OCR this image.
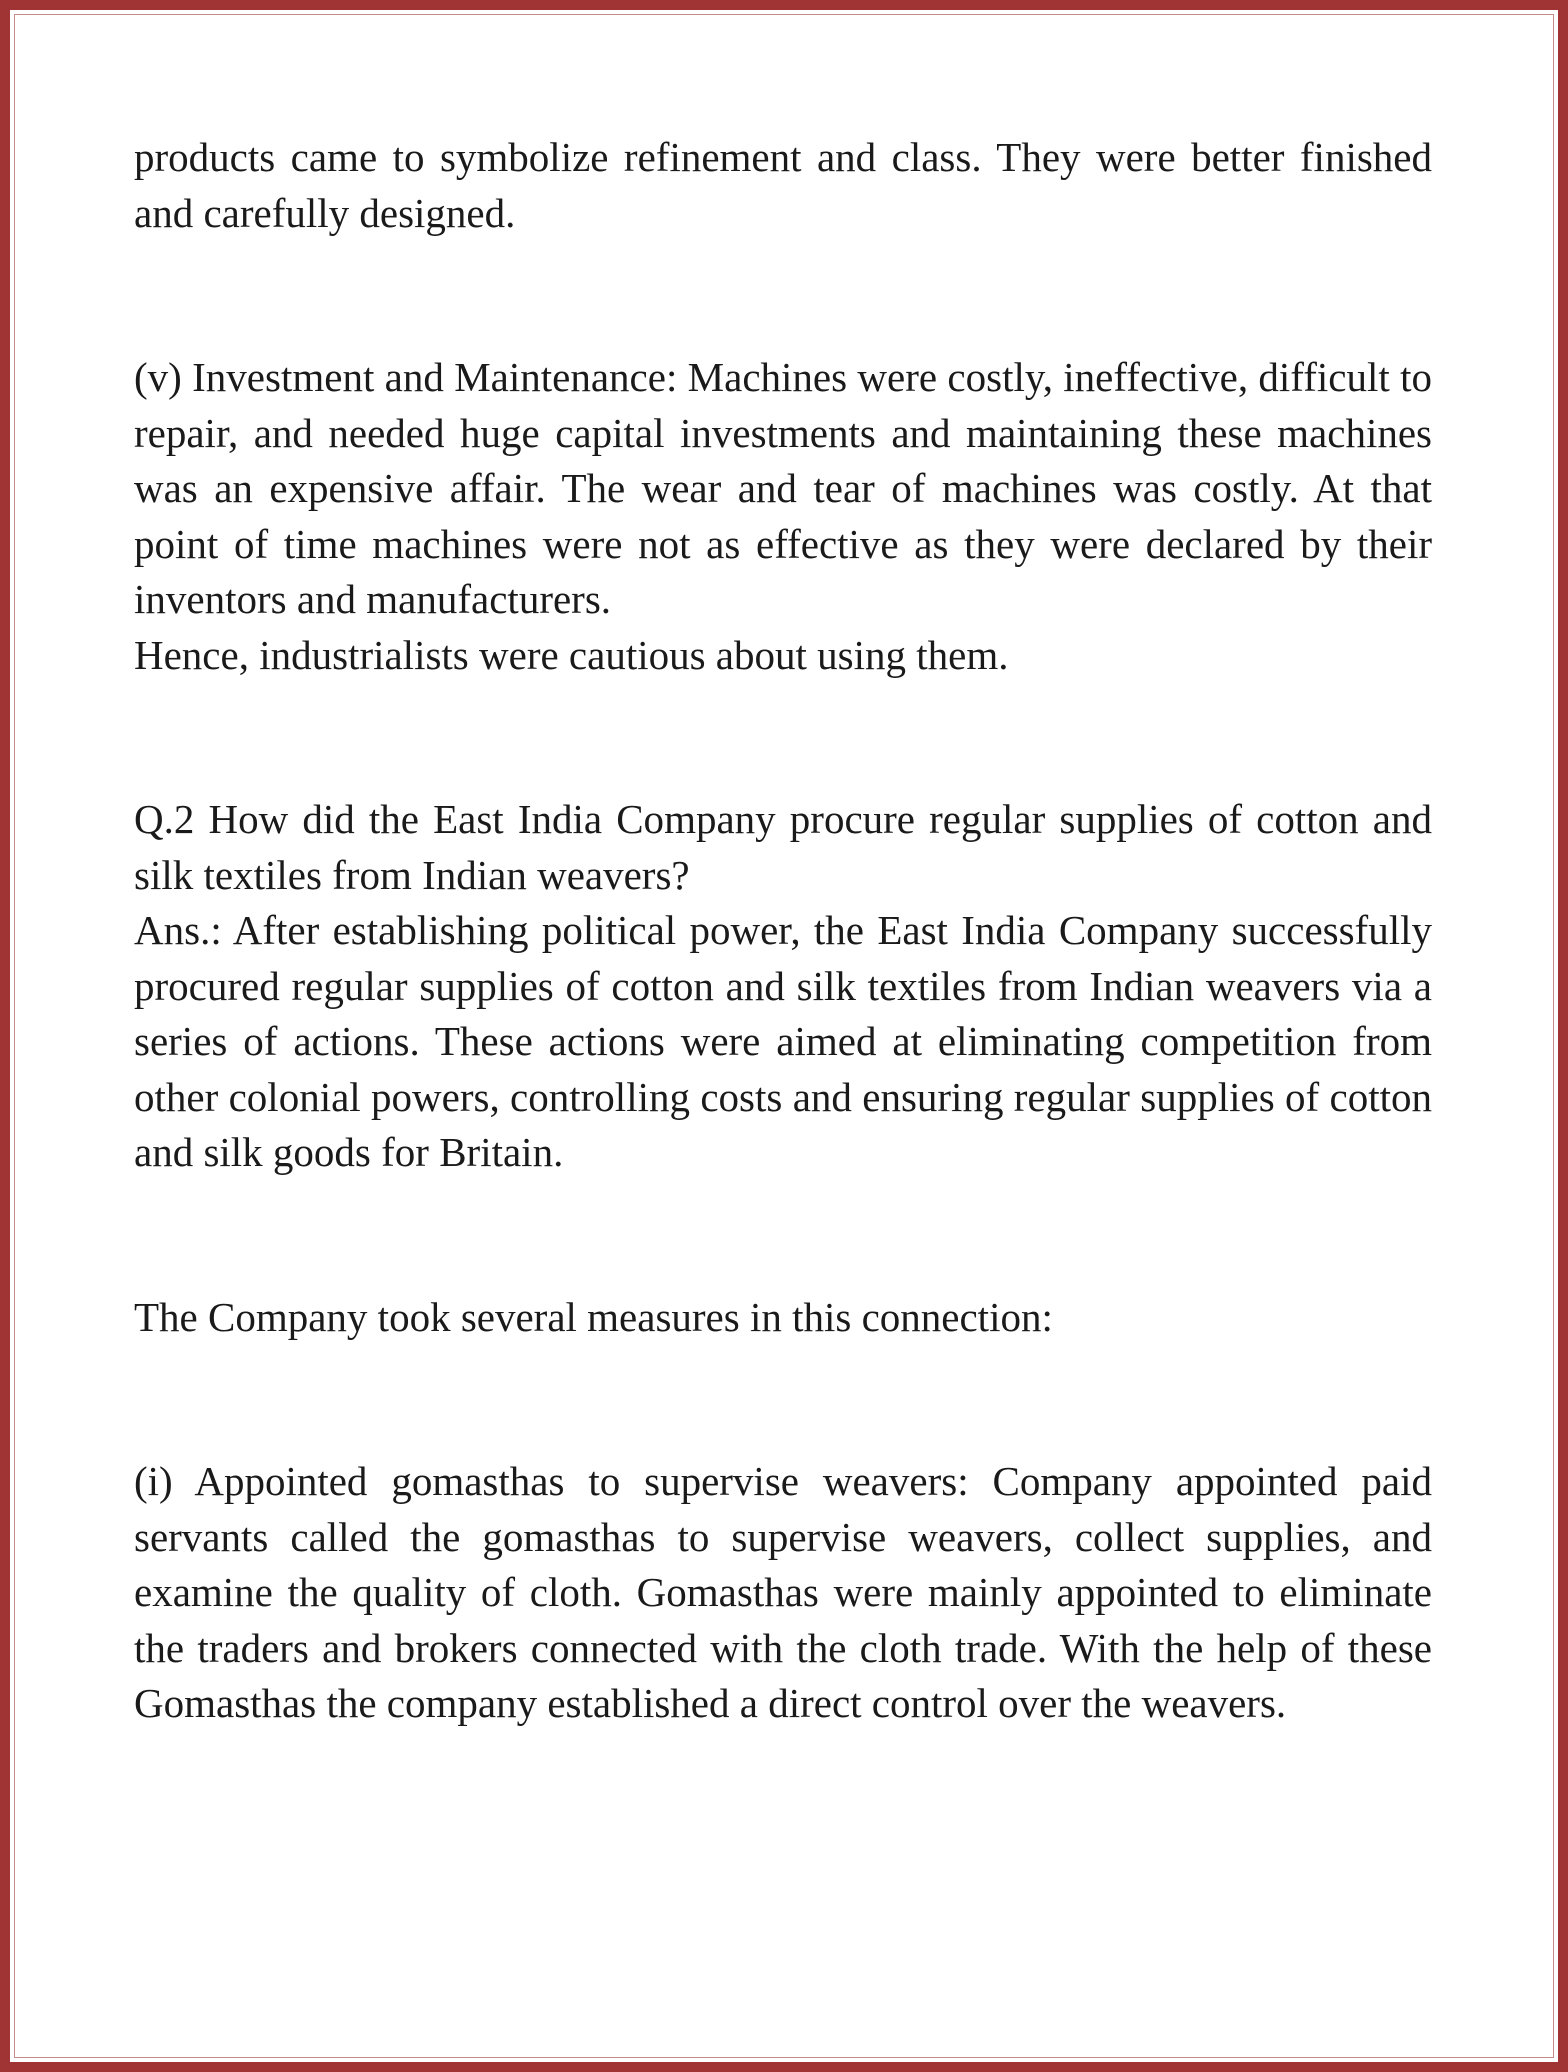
products came to symbolize refinement and class. They were better finished and carefully designed.

(v) Investment and Maintenance: Machines were costly, ineffective, difficult to repair, and needed huge capital investments and maintaining these machines was an expensive affair. The wear and tear of machines was costly. At that point of time machines were not as effective as they were declared by their inventors and manufacturers.

Hence, industrialists were cautious about using them.

Q.2 How did the East India Company procure regular supplies of cotton and silk textiles from Indian weavers?

Ans.: After establishing political power, the East India Company successfully procured regular supplies of cotton and silk textiles from Indian weavers via a series of actions. These actions were aimed at eliminating competition from other colonial powers, controlling costs and ensuring regular supplies of cotton and silk goods for Britain.

The Company took several measures in this connection:

(i) Appointed gomasthas to supervise weavers: Company appointed paid servants called the gomasthas to supervise weavers, collect supplies, and examine the quality of cloth. Gomasthas were mainly appointed to eliminate the traders and brokers connected with the cloth trade. With the help of these Gomasthas the company established a direct control over the weavers.
